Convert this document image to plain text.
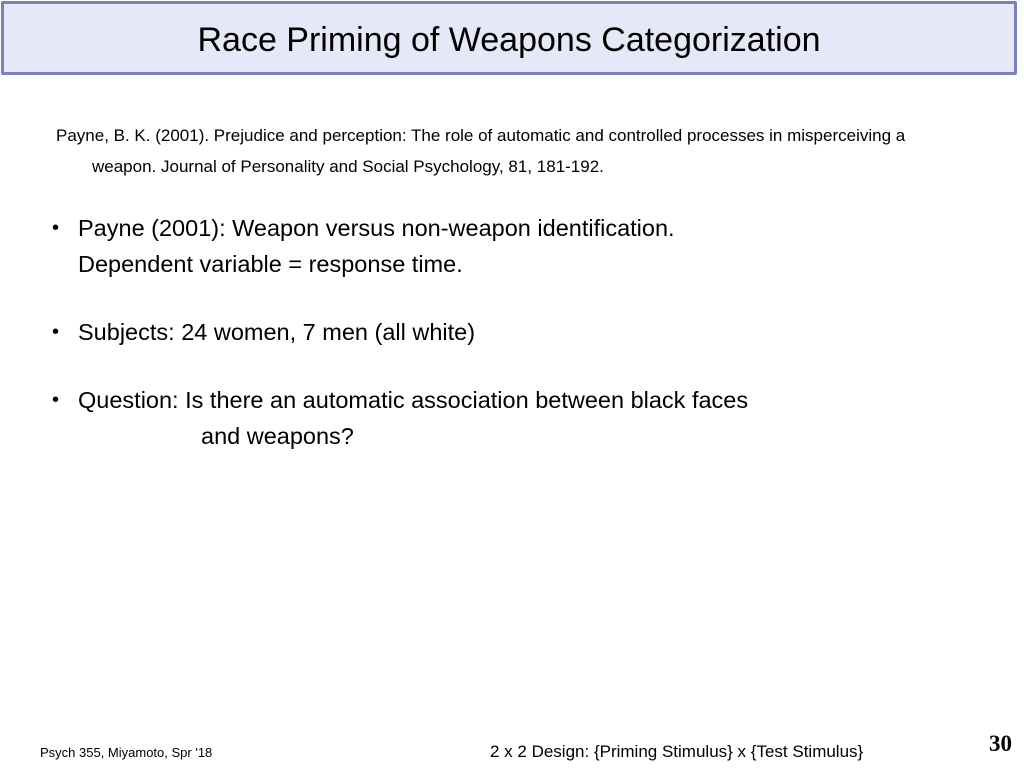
Race Priming of Weapons Categorization
Payne, B. K. (2001). Prejudice and perception: The role of automatic and controlled processes in misperceiving a weapon. Journal of Personality and Social Psychology, 81, 181-192.
• Payne (2001): Weapon versus non-weapon identification.
Dependent variable = response time.
• Subjects: 24 women, 7 men (all white)
• Question: Is there an automatic association between black faces
and weapons?
Psych 355, Miyamoto, Spr '18	2 x 2 Design: {Priming Stimulus} x {Test Stimulus}	30
